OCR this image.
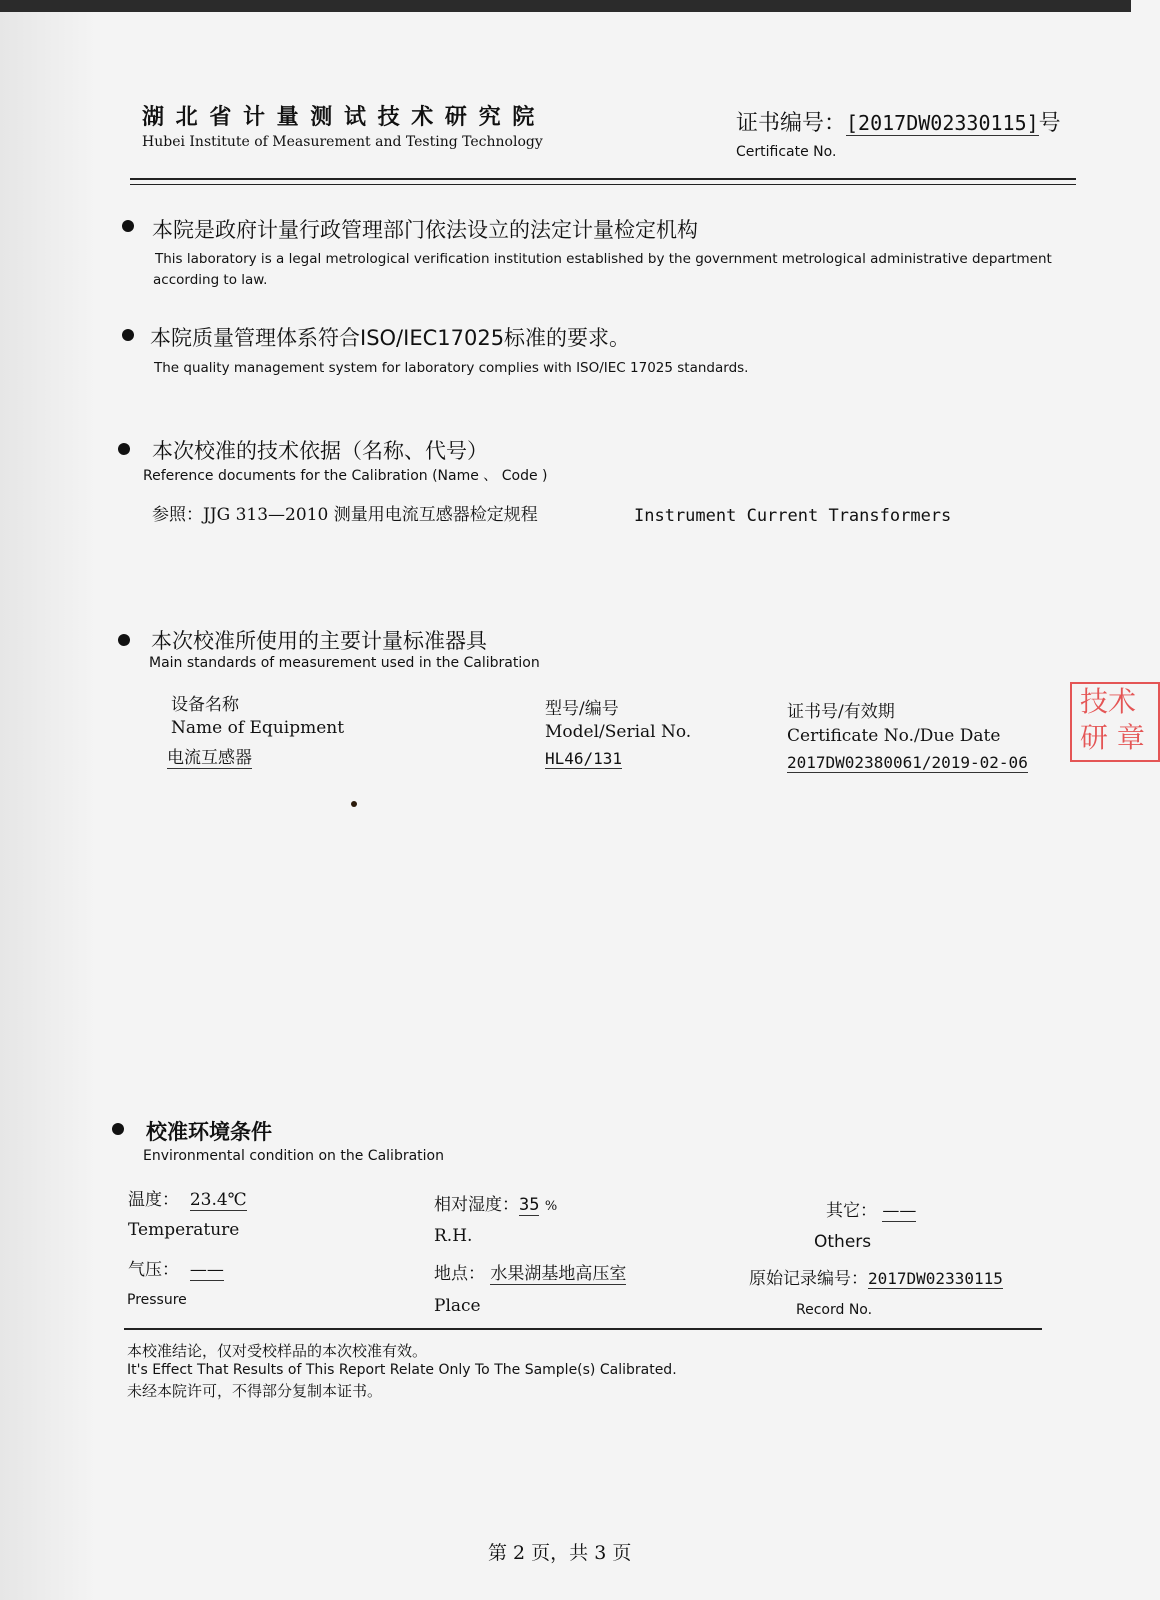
湖 北 省 计 量 测 试 技 术 研 究 院
Hubei Institute of Measurement and Testing Technology
证书编号：[2017DW02330115]号
Certificate No.
本院是政府计量行政管理部门依法设立的法定计量检定机构
This laboratory is a legal metrological verification institution established by the government metrological administrative department
according to law.
本院质量管理体系符合ISO/IEC17025标准的要求。
The quality management system for laboratory complies with ISO/IEC 17025 standards.
本次校准的技术依据（名称、代号）
Reference documents for the Calibration (Name 、 Code )
参照：JJG 313—2010 测量用电流互感器检定规程	Instrument Current Transformers
本次校准所使用的主要计量标准器具
Main standards of measurement used in the Calibration
设备名称
Name of Equipment
电流互感器
型号/编号
Model/Serial No.
HL46/131
证书号/有效期
Certificate No./Due Date
2017DW02380061/2019-02-06
技术研 章
校准环境条件
Environmental condition on the Calibration
温度： 23.4℃
Temperature
相对湿度：35 %
R.H.
其它： ——
Others
气压： ——
Pressure
地点： 水果湖基地高压室
Place
原始记录编号：2017DW02330115
Record No.
本校准结论，仅对受校样品的本次校准有效。
It's Effect That Results of This Report Relate Only To The Sample(s) Calibrated.
未经本院许可，不得部分复制本证书。
第 2 页，共 3 页
